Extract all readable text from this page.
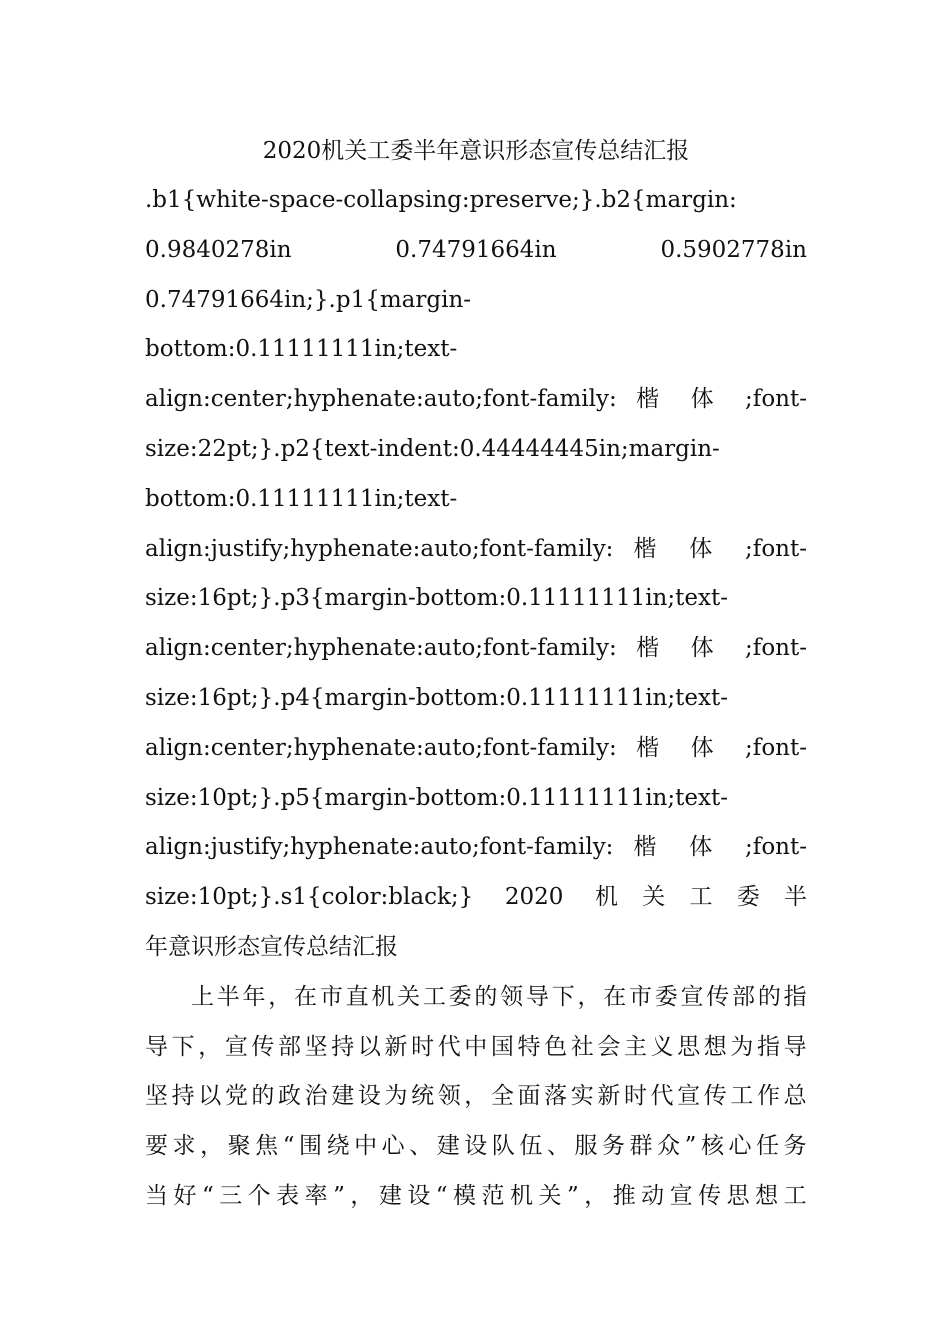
2020机关工委半年意识形态宣传总结汇报

.b1{white-space-collapsing:preserve;}.b2{margin:

0.9840278in 0.74791664in 0.5902778in

0.74791664in;}.p1{margin-

bottom:0.11111111in;text-

align:center;hyphenate:auto;font-family: 楷 体 ;font-

size:22pt;}.p2{text-indent:0.44444445in;margin-

bottom:0.11111111in;text-

align:justify;hyphenate:auto;font-family: 楷 体 ;font-

size:16pt;}.p3{margin-bottom:0.11111111in;text-

align:center;hyphenate:auto;font-family: 楷 体 ;font-

size:16pt;}.p4{margin-bottom:0.11111111in;text-

align:center;hyphenate:auto;font-family: 楷 体 ;font-

size:10pt;}.p5{margin-bottom:0.11111111in;text-

align:justify;hyphenate:auto;font-family: 楷 体 ;font-

size:10pt;}.s1{color:black;} 2020 机关工委半

年意识形态宣传总结汇报

上半年，在市直机关工委的领导下，在市委宣传部的指
导下，宣传部坚持以新时代中国特色社会主义思想为指导
坚持以党的政治建设为统领，全面落实新时代宣传工作总
要求，聚焦“围绕中心、建设队伍、服务群众”核心任务
当好“三个表率”，建设“模范机关”，推动宣传思想工
